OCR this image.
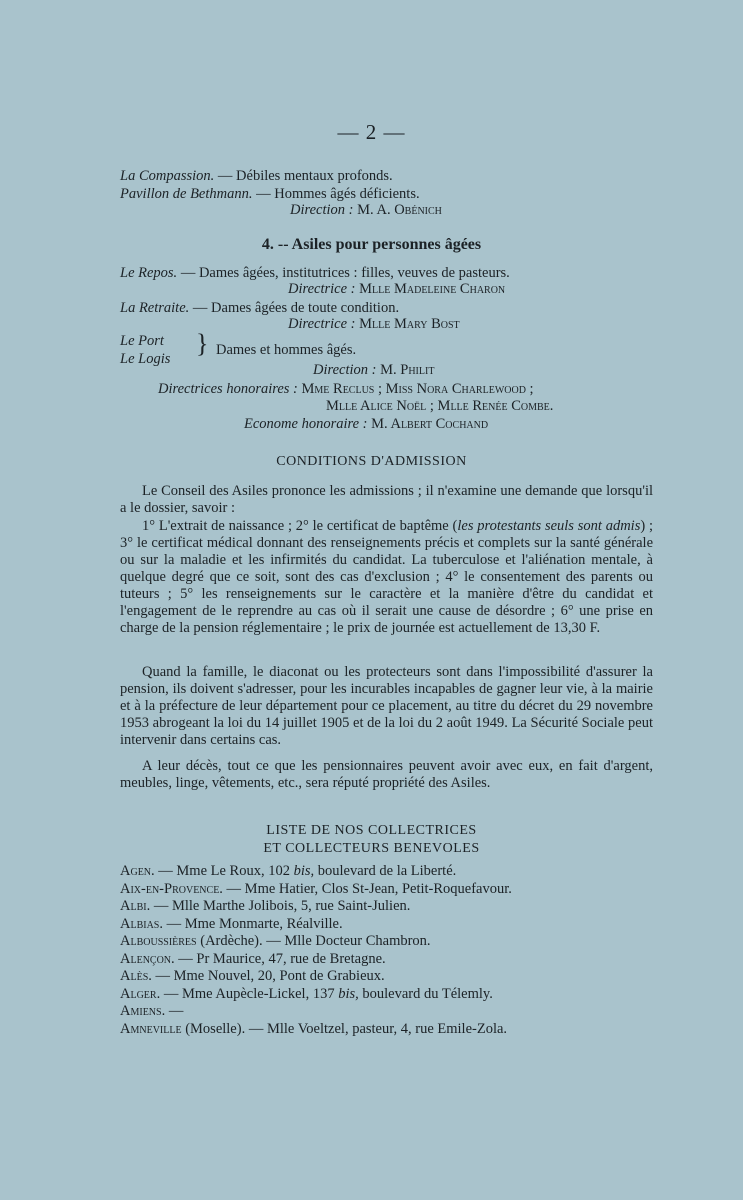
— 2 —
La Compassion. — Débiles mentaux profonds.
Pavillon de Bethmann. — Hommes âgés déficients.
Direction : M. A. Obénich
4. -- Asiles pour personnes âgées
Le Repos. — Dames âgées, institutrices : filles, veuves de pasteurs.
Directrice : Mlle Madeleine Charon
La Retraite. — Dames âgées de toute condition.
Directrice : Mlle Mary Bost
Le Port
Le Logis
} Dames et hommes âgés.
Direction : M. Philit
Directrices honoraires : Mme Reclus ; Miss Nora Charlewood ;
Mlle Alice Noël ; Mlle Renée Combe.
Econome honoraire : M. Albert Cochand
CONDITIONS D'ADMISSION
Le Conseil des Asiles prononce les admissions ; il n'examine une demande que lorsqu'il a le dossier, savoir :
1° L'extrait de naissance ; 2° le certificat de baptême (les protestants seuls sont admis) ; 3° le certificat médical donnant des renseignements précis et complets sur la santé générale ou sur la maladie et les infirmités du candidat. La tuberculose et l'aliénation mentale, à quelque degré que ce soit, sont des cas d'exclusion ; 4° le consentement des parents ou tuteurs ; 5° les renseignements sur le caractère et la manière d'être du candidat et l'engagement de le reprendre au cas où il serait une cause de désordre ; 6° une prise en charge de la pension réglementaire ; le prix de journée est actuellement de 13,30 F.
Quand la famille, le diaconat ou les protecteurs sont dans l'impossibilité d'assurer la pension, ils doivent s'adresser, pour les incurables incapables de gagner leur vie, à la mairie et à la préfecture de leur département pour ce placement, au titre du décret du 29 novembre 1953 abrogeant la loi du 14 juillet 1905 et de la loi du 2 août 1949. La Sécurité Sociale peut intervenir dans certains cas.
A leur décès, tout ce que les pensionnaires peuvent avoir avec eux, en fait d'argent, meubles, linge, vêtements, etc., sera réputé propriété des Asiles.
LISTE DE NOS COLLECTRICES
ET COLLECTEURS BENEVOLES
Agen. — Mme Le Roux, 102 bis, boulevard de la Liberté.
Aix-en-Provence. — Mme Hatier, Clos St-Jean, Petit-Roquefavour.
Albi. — Mlle Marthe Jolibois, 5, rue Saint-Julien.
Albias. — Mme Monmarte, Réalville.
Alboussières (Ardèche). — Mlle Docteur Chambron.
Alençon. — Pr Maurice, 47, rue de Bretagne.
Alès. — Mme Nouvel, 20, Pont de Grabieux.
Alger. — Mme Aupècle-Lickel, 137 bis, boulevard du Télemly.
Amiens. —
Amneville (Moselle). — Mlle Voeltzel, pasteur, 4, rue Emile-Zola.
